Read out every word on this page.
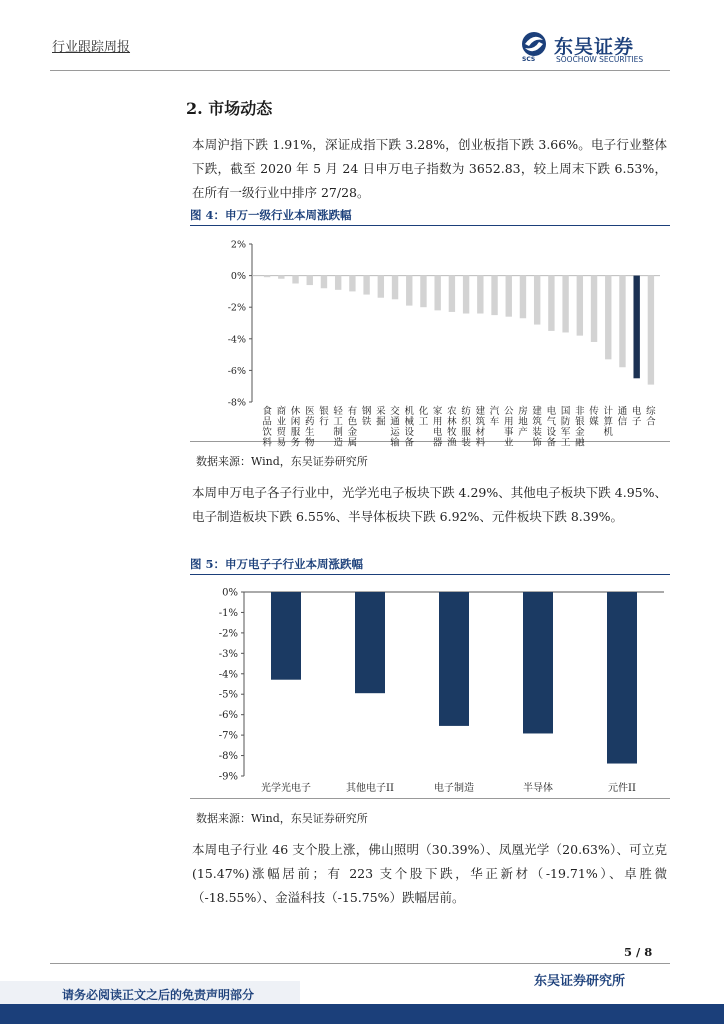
行业跟踪周报	东吴证券
SCS	SOOCHOW SECURITIES
2. 市场动态
本周沪指下跌 1.91%，深证成指下跌 3.28%，创业板指下跌 3.66%。电子行业整体下跌，截至 2020 年 5 月 24 日申万电子指数为 3652.83，较上周末下跌 6.53%，在所有一级行业中排序 27/28。
图 4：申万一级行业本周涨跌幅
2%
0%
-2%
-4%
-6%
-8%
食
品
饮
料
商
业
贸
易
休
闲
服
务
医
药
生
物
银
行
轻
工
制
造
有
色
金
属
钢
铁
采
掘
交
通
运
输
机
械
设
备
化
工
家
用
电
器
农
林
牧
渔
纺
织
服
装
建
筑
材
料
汽
车
公
用
事
业
房
地
产
建
筑
装
饰
电
气
设
备
国
防
军
工
非
银
金
融
传
媒
计
算
机
通
信
电
子
综
合
数据来源：Wind，东吴证券研究所
本周申万电子各子行业中，光学光电子板块下跌 4.29%、其他电子板块下跌 4.95%、电子制造板块下跌 6.55%、半导体板块下跌 6.92%、元件板块下跌 8.39%。
图 5：申万电子子行业本周涨跌幅
0%
-1%
-2%
-3%
-4%
-5%
-6%
-7%
-8%
-9%
光学光电子	其他电子II	电子制造	半导体	元件II
数据来源：Wind，东吴证券研究所
本周电子行业 46 支个股上涨，佛山照明（30.39%）、凤凰光学（20.63%）、可立克(15.47%)涨幅居前；有 223 支个股下跌，华正新材（-19.71%）、卓胜微（-18.55%）、金溢科技（-15.75%）跌幅居前。
5 / 8
东吴证券研究所
请务必阅读正文之后的免责声明部分
